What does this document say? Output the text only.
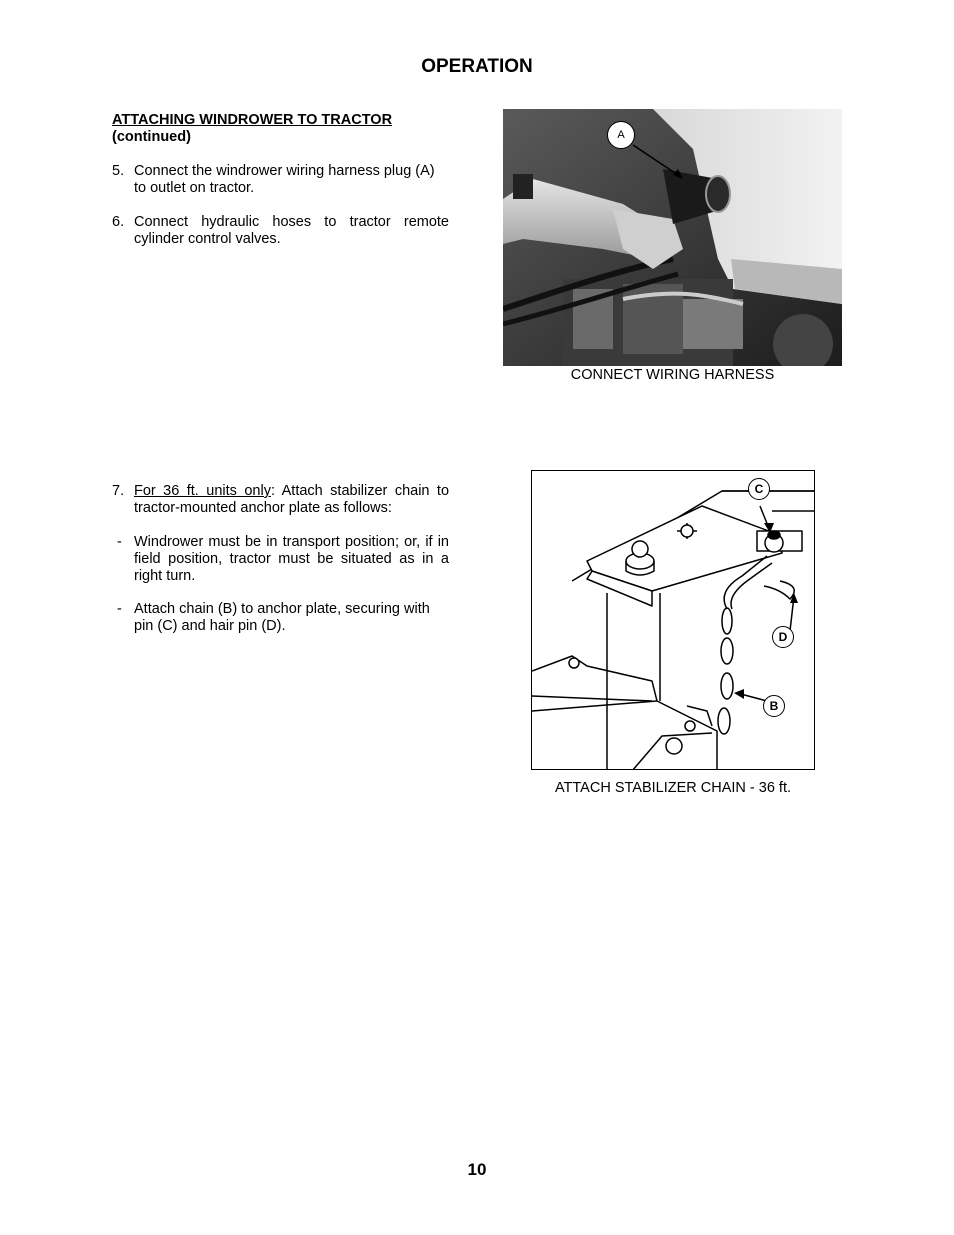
OPERATION
ATTACHING WINDROWER TO TRACTOR
(continued)
5. Connect the windrower wiring harness plug (A) to outlet on tractor.
6. Connect hydraulic hoses to tractor remote cylinder control valves.
7. For 36 ft. units only: Attach stabilizer chain to tractor-mounted anchor plate as follows:
- Windrower must be in transport position; or, if in field position, tractor must be situated as in a right turn.
- Attach chain (B) to anchor plate, securing with pin (C) and hair pin (D).
A
CONNECT WIRING HARNESS
C
D
B
ATTACH STABILIZER CHAIN - 36 ft.
10
